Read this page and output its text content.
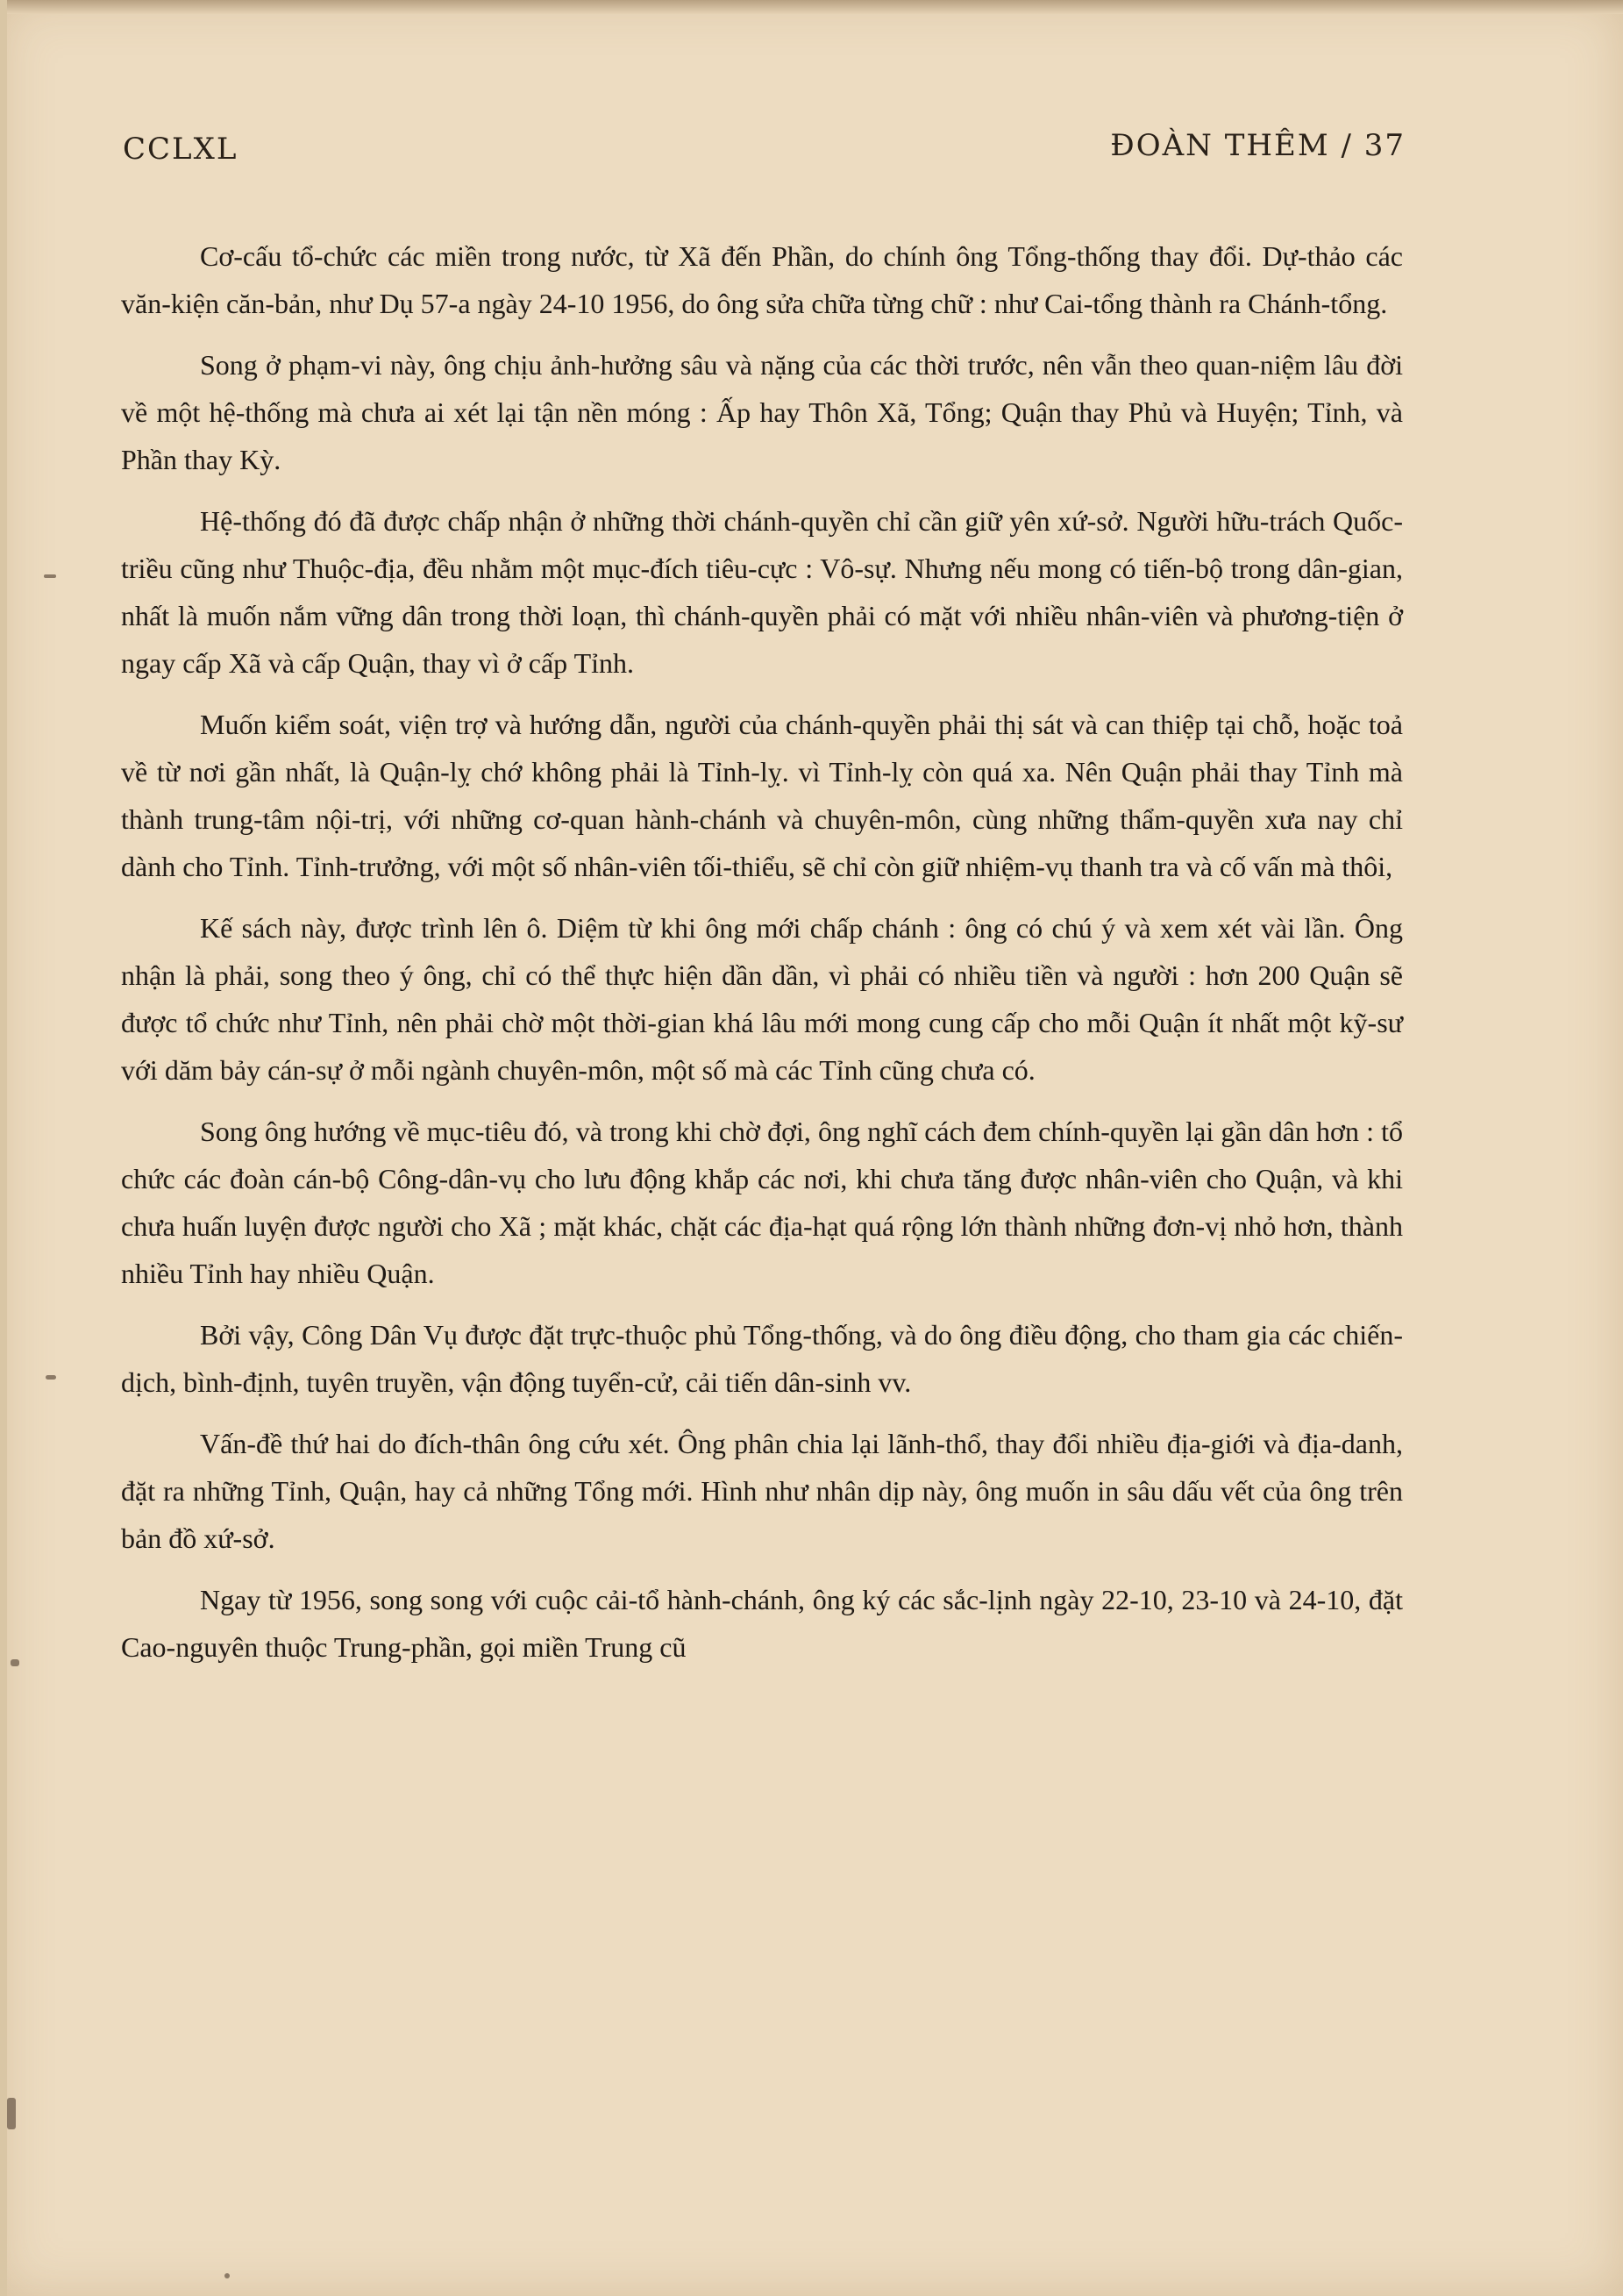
CCLXL	ĐOÀN THÊM / 37

Cơ-cấu tổ-chức các miền trong nước, từ Xã đến Phần, do chính ông Tổng-thống thay đổi. Dự-thảo các văn-kiện căn-bản, như Dụ 57-a ngày 24-10 1956, do ông sửa chữa từng chữ : như Cai-tổng thành ra Chánh-tổng.

Song ở phạm-vi này, ông chịu ảnh-hưởng sâu và nặng của các thời trước, nên vẫn theo quan-niệm lâu đời về một hệ-thống mà chưa ai xét lại tận nền móng : Ấp hay Thôn Xã, Tổng; Quận thay Phủ và Huyện; Tỉnh, và Phần thay Kỳ.

Hệ-thống đó đã được chấp nhận ở những thời chánh-quyền chỉ cần giữ yên xứ-sở. Người hữu-trách Quốc-triều cũng như Thuộc-địa, đều nhằm một mục-đích tiêu-cực : Vô-sự. Nhưng nếu mong có tiến-bộ trong dân-gian, nhất là muốn nắm vững dân trong thời loạn, thì chánh-quyền phải có mặt với nhiều nhân-viên và phương-tiện ở ngay cấp Xã và cấp Quận, thay vì ở cấp Tỉnh.

Muốn kiểm soát, viện trợ và hướng dẫn, người của chánh-quyền phải thị sát và can thiệp tại chỗ, hoặc toả về từ nơi gần nhất, là Quận-lỵ chớ không phải là Tỉnh-lỵ. vì Tỉnh-lỵ còn quá xa. Nên Quận phải thay Tỉnh mà thành trung-tâm nội-trị, với những cơ-quan hành-chánh và chuyên-môn, cùng những thẩm-quyền xưa nay chỉ dành cho Tỉnh. Tỉnh-trưởng, với một số nhân-viên tối-thiểu, sẽ chỉ còn giữ nhiệm-vụ thanh tra và cố vấn mà thôi,

Kế sách này, được trình lên ô. Diệm từ khi ông mới chấp chánh : ông có chú ý và xem xét vài lần. Ông nhận là phải, song theo ý ông, chỉ có thể thực hiện dần dần, vì phải có nhiều tiền và người : hơn 200 Quận sẽ được tổ chức như Tỉnh, nên phải chờ một thời-gian khá lâu mới mong cung cấp cho mỗi Quận ít nhất một kỹ-sư với dăm bảy cán-sự ở mỗi ngành chuyên-môn, một số mà các Tỉnh cũng chưa có.

Song ông hướng về mục-tiêu đó, và trong khi chờ đợi, ông nghĩ cách đem chính-quyền lại gần dân hơn : tổ chức các đoàn cán-bộ Công-dân-vụ cho lưu động khắp các nơi, khi chưa tăng được nhân-viên cho Quận, và khi chưa huấn luyện được người cho Xã ; mặt khác, chặt các địa-hạt quá rộng lớn thành những đơn-vị nhỏ hơn, thành nhiều Tỉnh hay nhiều Quận.

Bởi vậy, Công Dân Vụ được đặt trực-thuộc phủ Tổng-thống, và do ông điều động, cho tham gia các chiến-dịch, bình-định, tuyên truyền, vận động tuyển-cử, cải tiến dân-sinh vv.

Vấn-đề thứ hai do đích-thân ông cứu xét. Ông phân chia lại lãnh-thổ, thay đổi nhiều địa-giới và địa-danh, đặt ra những Tỉnh, Quận, hay cả những Tổng mới. Hình như nhân dịp này, ông muốn in sâu dấu vết của ông trên bản đồ xứ-sở.

Ngay từ 1956, song song với cuộc cải-tổ hành-chánh, ông ký các sắc-lịnh ngày 22-10, 23-10 và 24-10, đặt Cao-nguyên thuộc Trung-phần, gọi miền Trung cũ
